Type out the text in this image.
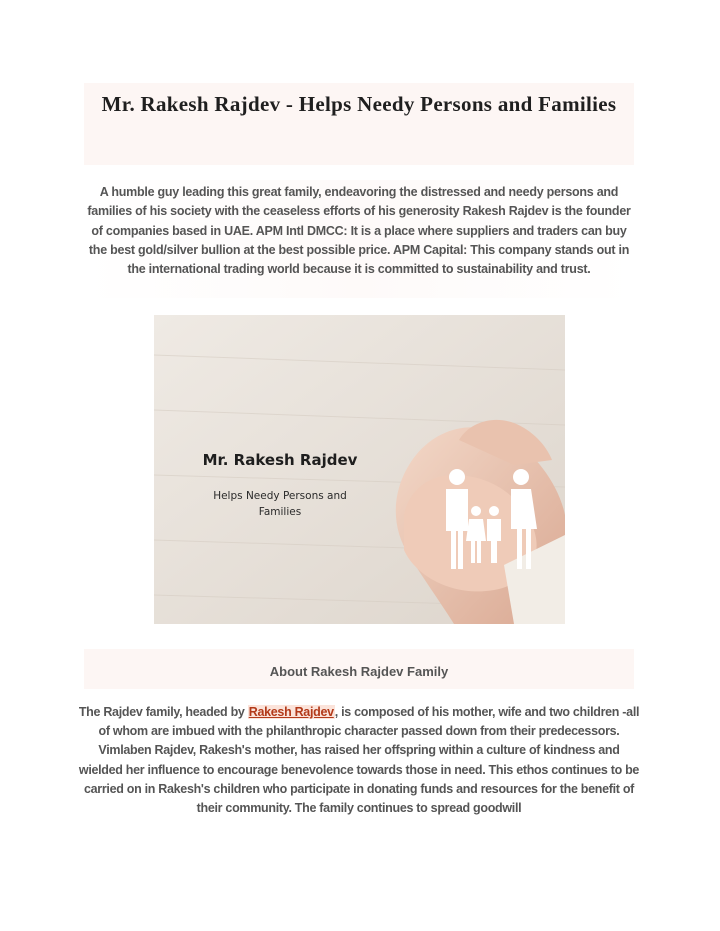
Mr. Rakesh Rajdev - Helps Needy Persons and Families

A humble guy leading this great family, endeavoring the distressed and needy persons and families of his society with the ceaseless efforts of his generosity Rakesh Rajdev is the founder of companies based in UAE. APM Intl DMCC: It is a place where suppliers and traders can buy the best gold/silver bullion at the best possible price. APM Capital: This company stands out in the international trading world because it is committed to sustainability and trust.

Mr. Rakesh Rajdev
Helps Needy Persons and Families
About Rakesh Rajdev Family

The Rajdev family, headed by Rakesh Rajdev, is composed of his mother, wife and two children -all of whom are imbued with the philanthropic character passed down from their predecessors. Vimlaben Rajdev, Rakesh's mother, has raised her offspring within a culture of kindness and wielded her influence to encourage benevolence towards those in need. This ethos continues to be carried on in Rakesh's children who participate in donating funds and resources for the benefit of their community. The family continues to spread goodwill
